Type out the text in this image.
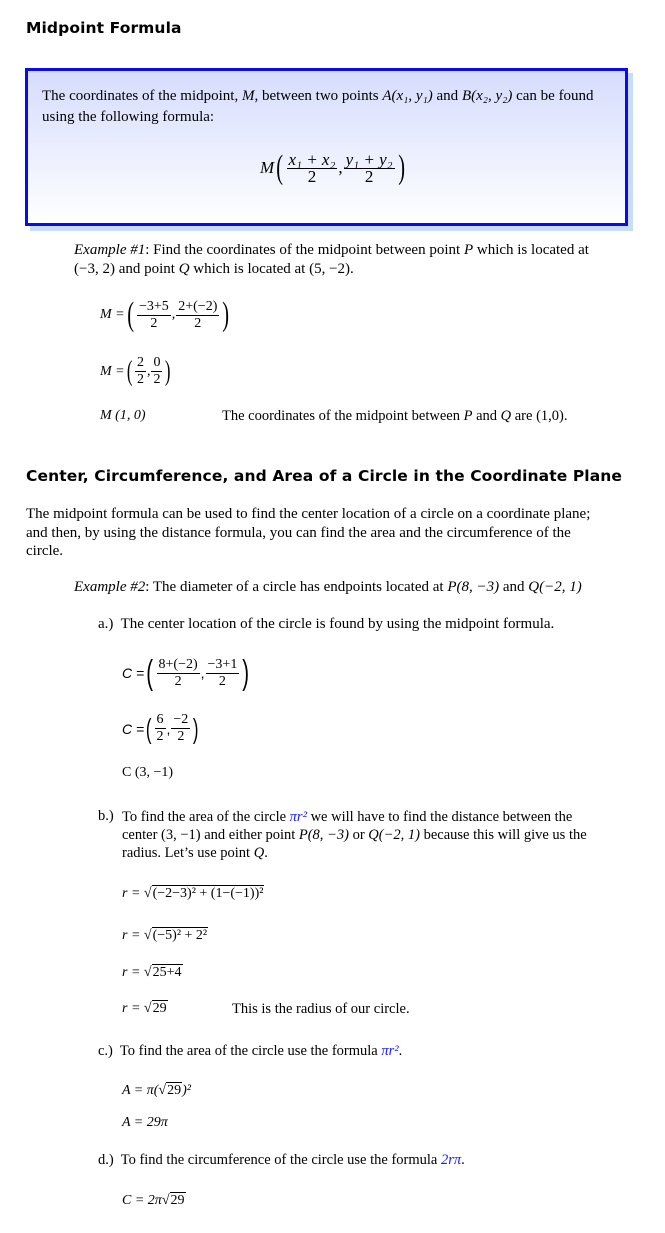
Midpoint Formula

The coordinates of the midpoint, M, between two points A(x₁, y₁) and B(x₂, y₂) can be found using the following formula:

M ( $\frac{\text{x₁ + x₂}}{2}$ , $\frac{\text{y₁ + y₂}}{2}$ )
Example #1: Find the coordinates of the midpoint between point P which is located at (−3, 2) and point Q which is located at (5, −2).
M = ( $\frac{-3+5}{2}$ , $\frac{2+(-2)}{2}$ )
M = ( $\frac{2}{2}$ , $\frac{0}{2}$ )
M (1, 0)	The coordinates of the midpoint between P and Q are (1,0).
Center, Circumference, and Area of a Circle in the Coordinate Plane
The midpoint formula can be used to find the center location of a circle on a coordinate plane; and then, by using the distance formula, you can find the area and the circumference of the circle.
Example #2: The diameter of a circle has endpoints located at P(8, −3) and Q(−2, 1)
a.) The center location of the circle is found by using the midpoint formula.
C = ( $\frac{8+(-2)}{2}$ , $\frac{-3+1}{2}$ )
C = ( $\frac{6}{2}$ , $\frac{-2}{2}$ )
C (3, −1)
b.) To find the area of the circle πr² we will have to find the distance between the center (3, −1) and either point P(8, −3) or Q(−2, 1) because this will give us the radius. Let’s use point Q.
r = √(−2−3)² + (1−(−1))²
r = √(−5)² + 2²
r = √25+4
r = √29	This is the radius of our circle.
c.) To find the area of the circle use the formula πr².
A = π(√29)²
A = 29π
d.) To find the circumference of the circle use the formula 2rπ.
C = 2π√29
